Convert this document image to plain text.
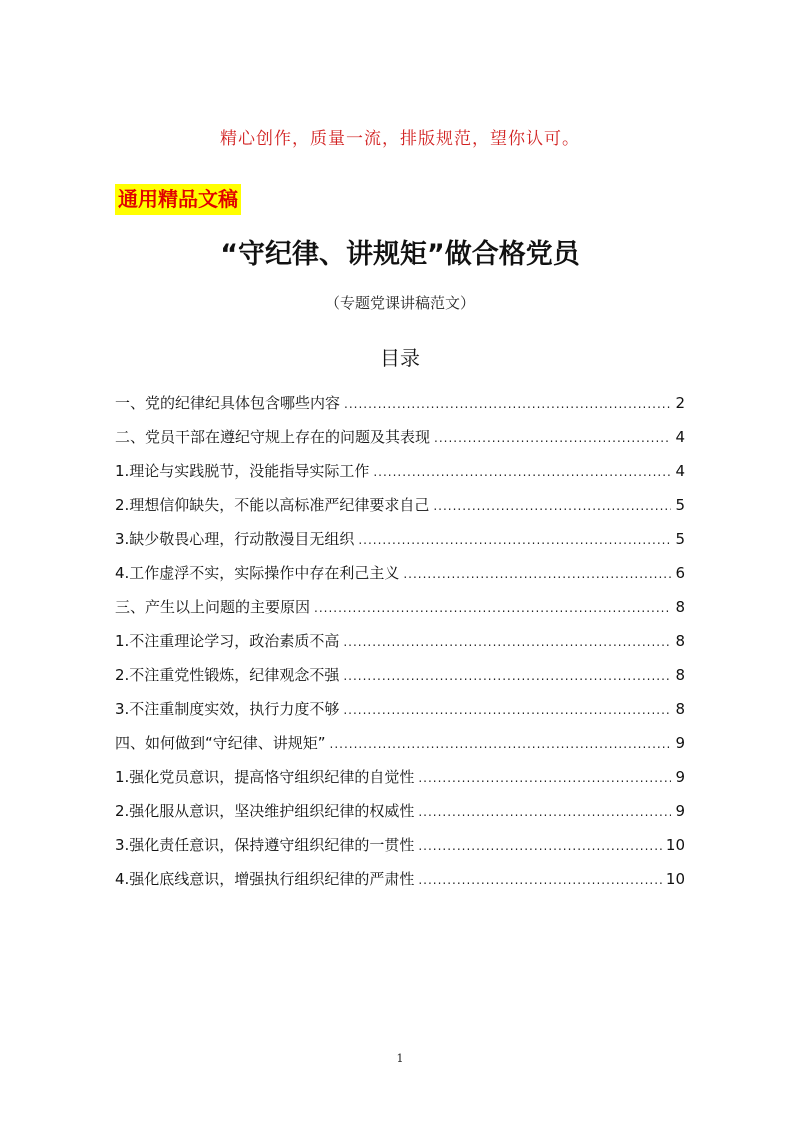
精心创作，质量一流，排版规范，望你认可。
通用精品文稿
“守纪律、讲规矩”做合格党员
（专题党课讲稿范文）
目录
一、党的纪律纪具体包含哪些内容 .....	2
二、党员干部在遵纪守规上存在的问题及其表现 .....	4
1.理论与实践脱节，没能指导实际工作 .....	4
2.理想信仰缺失，不能以高标准严纪律要求自己 .....	5
3.缺少敬畏心理，行动散漫目无组织 .....	5
4.工作虚浮不实，实际操作中存在利己主义 .....	6
三、产生以上问题的主要原因 .....	8
1.不注重理论学习，政治素质不高 .....	8
2.不注重党性锻炼，纪律观念不强 .....	8
3.不注重制度实效，执行力度不够 .....	8
四、如何做到“守纪律、讲规矩” .....	9
1.强化党员意识，提高恪守组织纪律的自觉性 .....	9
2.强化服从意识，坚决维护组织纪律的权威性 .....	9
3.强化责任意识，保持遵守组织纪律的一贯性 .....	10
4.强化底线意识，增强执行组织纪律的严肃性 .....	10
1
